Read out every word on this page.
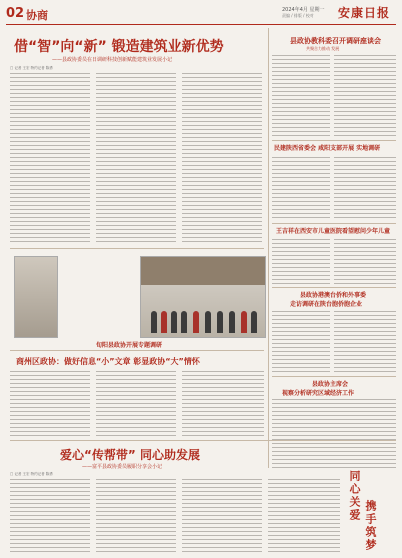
02 协商	2024年4月 星期一
责编 / 排版 / 校对 安康日报
借“智”向“新” 锻造建筑业新优势
——县政协委员在日调研科技创新赋能建筑业发展小记
□ 记者 王宏 特约记者 陈勇
县政协教科委召开调研座谈会
共聚合力推动 发展
民建陕西省委会 咸阳支部开展 实地调研
王吉祥在西安市儿童医院看望慰问少年儿童
县政协港澳台侨和外事委
走访调研在陕台胞侨胞企业
县政协主席会
视察分析研究区域经济工作
旬阳县政协开展专题调研
商州区政协：做好信息“小”文章 彰显政协“大”情怀
爱心“传帮带” 同心助发展
——富平县政协委员履职分享会小记
□ 记者 王宏 特约记者 陈勇	同心关爱
携手筑梦
